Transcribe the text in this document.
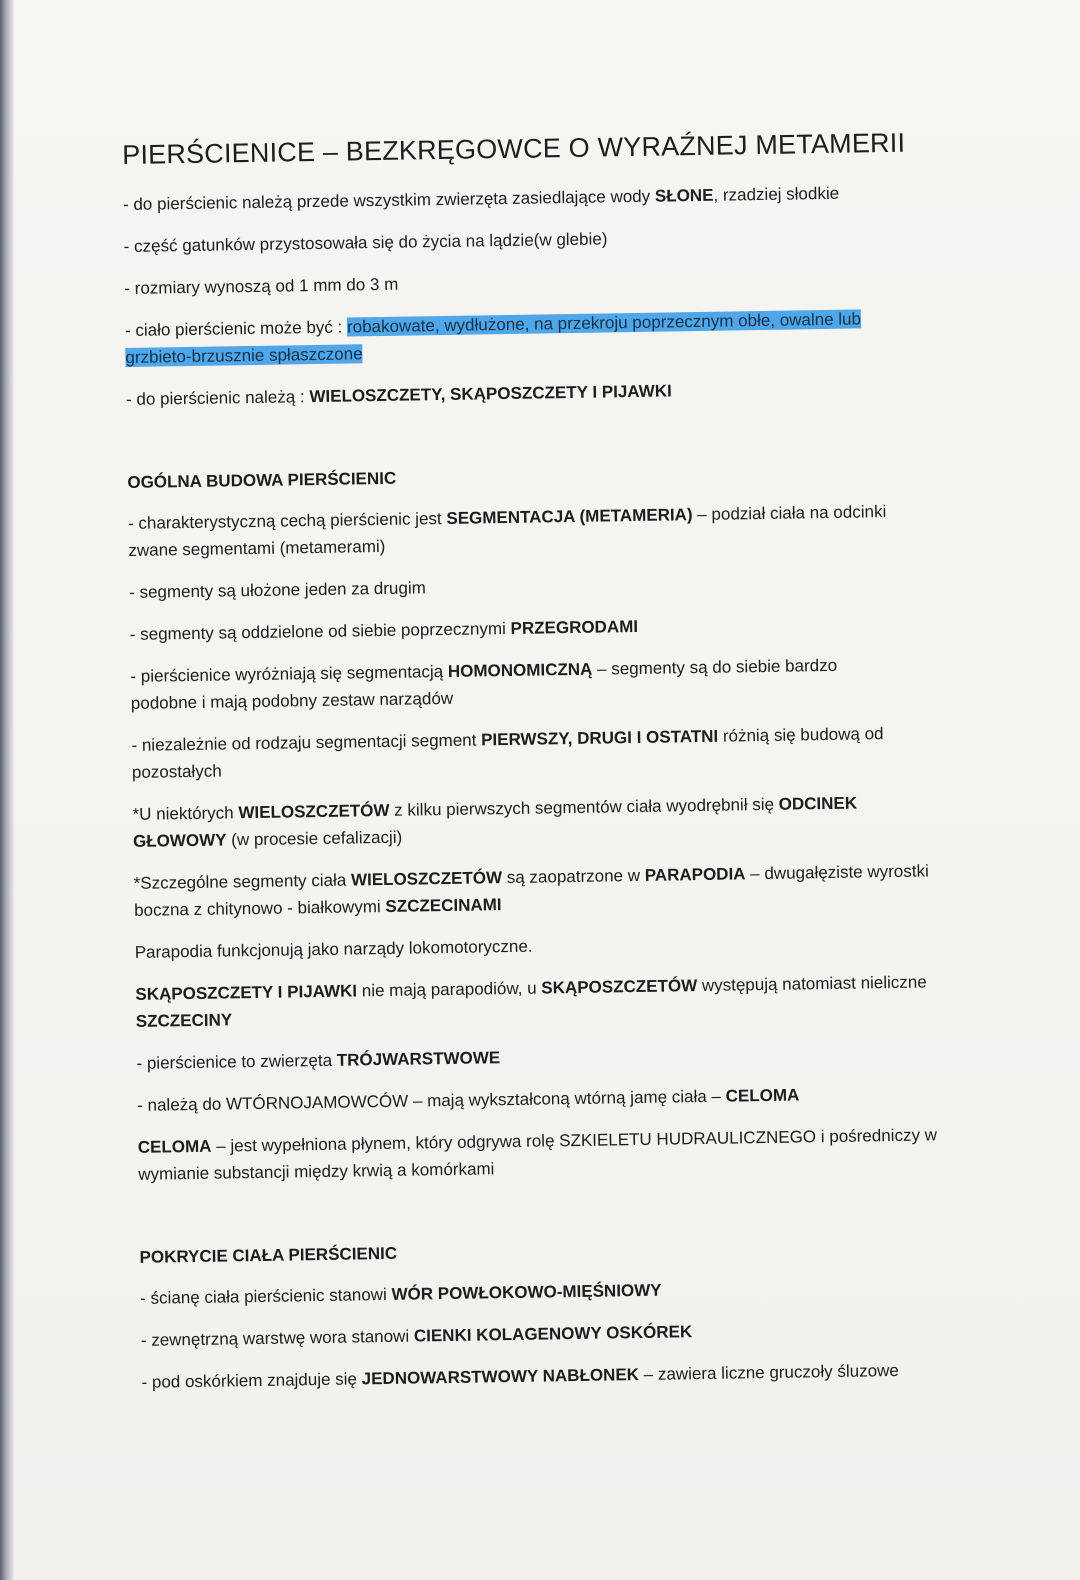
PIERŚCIENICE – BEZKRĘGOWCE O WYRAŹNEJ METAMERII

- do pierścienic należą przede wszystkim zwierzęta zasiedlające wody SŁONE, rzadziej słodkie

- część gatunków przystosowała się do życia na lądzie(w glebie)

- rozmiary wynoszą od 1 mm do 3 m

- ciało pierścienic może być : robakowate, wydłużone, na przekroju poprzecznym obłe, owalne lub grzbieto-brzusznie spłaszczone

- do pierścienic należą : WIELOSZCZETY, SKĄPOSZCZETY I PIJAWKI

OGÓLNA BUDOWA PIERŚCIENIC

- charakterystyczną cechą pierścienic jest SEGMENTACJA (METAMERIA) – podział ciała na odcinki zwane segmentami (metamerami)

- segmenty są ułożone jeden za drugim

- segmenty są oddzielone od siebie poprzecznymi PRZEGRODAMI

- pierścienice wyróżniają się segmentacją HOMONOMICZNĄ – segmenty są do siebie bardzo podobne i mają podobny zestaw narządów

- niezależnie od rodzaju segmentacji segment PIERWSZY, DRUGI I OSTATNI różnią się budową od pozostałych

*U niektórych WIELOSZCZETÓW z kilku pierwszych segmentów ciała wyodrębnił się ODCINEK GŁOWOWY (w procesie cefalizacji)

*Szczególne segmenty ciała WIELOSZCZETÓW są zaopatrzone w PARAPODIA – dwugałęziste wyrostki boczna z chitynowo - białkowymi SZCZECINAMI

Parapodia funkcjonują jako narządy lokomotoryczne.

SKĄPOSZCZETY I PIJAWKI nie mają parapodiów, u SKĄPOSZCZETÓW występują natomiast nieliczne SZCZECINY

- pierścienice to zwierzęta TRÓJWARSTWOWE

- należą do WTÓRNOJAMOWCÓW – mają wykształconą wtórną jamę ciała – CELOMA

CELOMA – jest wypełniona płynem, który odgrywa rolę SZKIELETU HUDRAULICZNEGO i pośredniczy w wymianie substancji między krwią a komórkami

POKRYCIE CIAŁA PIERŚCIENIC

- ścianę ciała pierścienic stanowi WÓR POWŁOKOWO-MIĘŚNIOWY

- zewnętrzną warstwę wora stanowi CIENKI KOLAGENOWY OSKÓREK

- pod oskórkiem znajduje się JEDNOWARSTWOWY NABŁONEK – zawiera liczne gruczoły śluzowe
